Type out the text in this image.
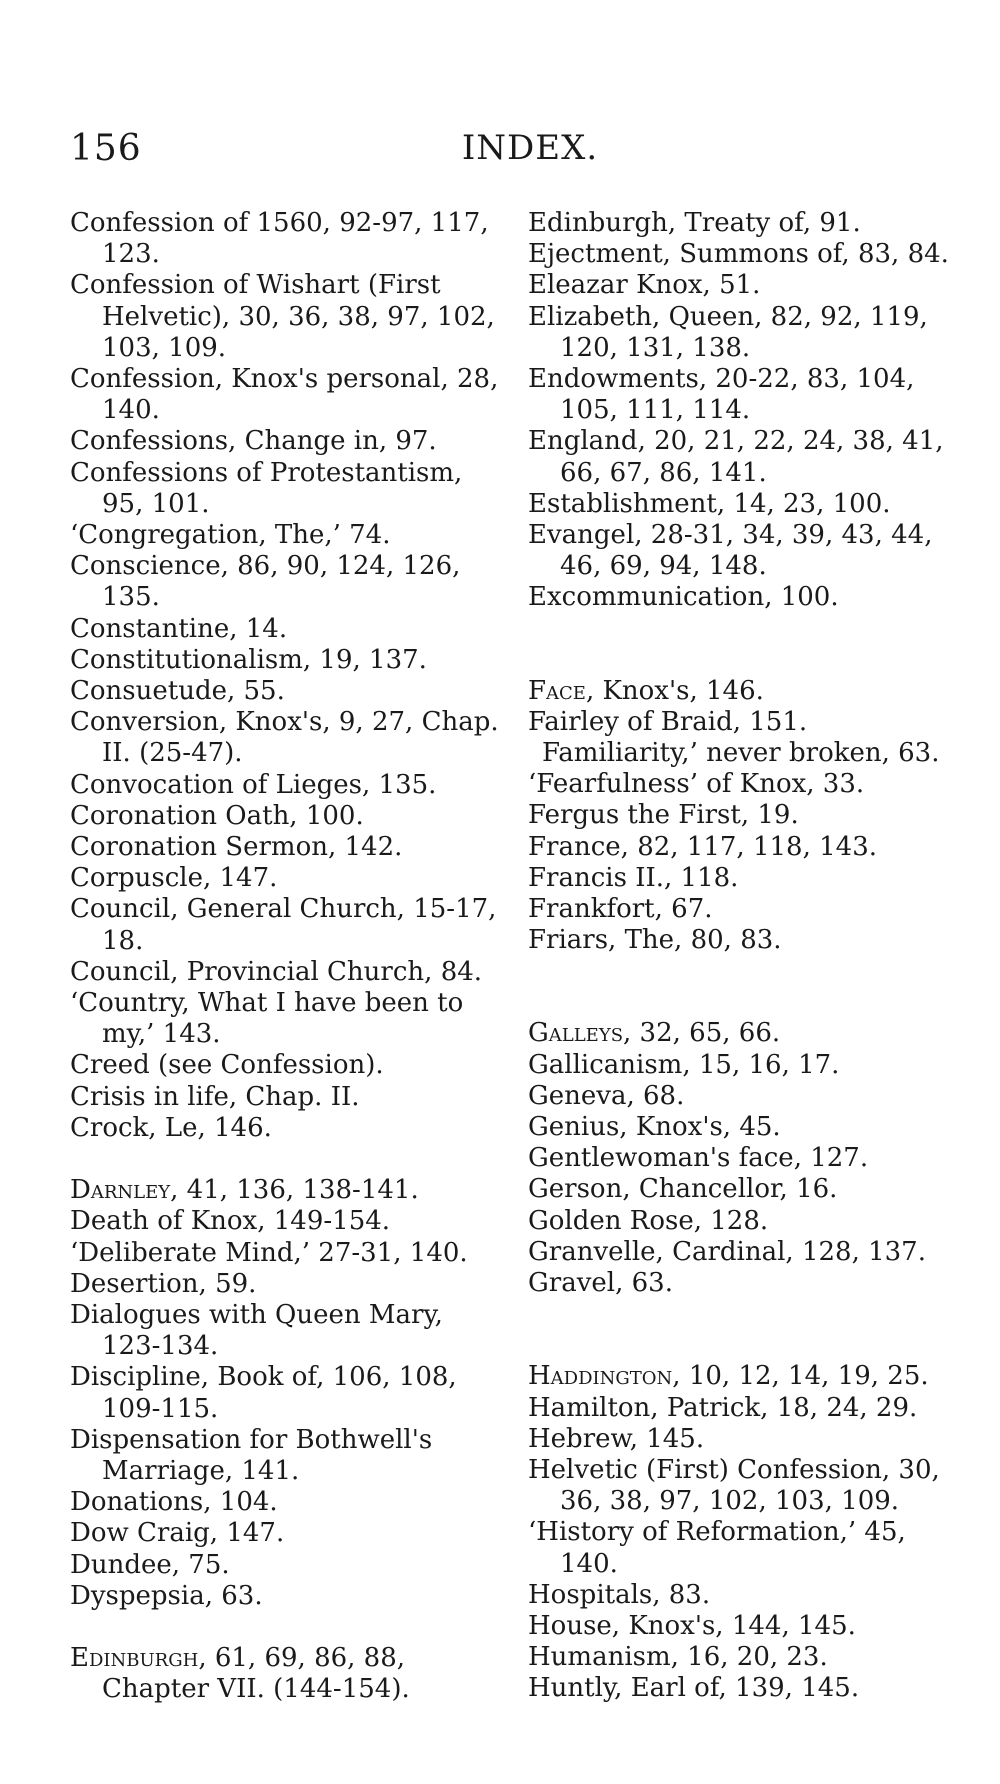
156	INDEX.

Confession of 1560, 92-97, 117, 123.

Confession of Wishart (First Helvetic), 30, 36, 38, 97, 102, 103, 109.

Confession, Knox's personal, 28, 140.

Confessions, Change in, 97.

Confessions of Protestantism, 95, 101.

‘Congregation, The,’ 74.

Conscience, 86, 90, 124, 126, 135.

Constantine, 14.

Constitutionalism, 19, 137.

Consuetude, 55.

Conversion, Knox's, 9, 27, Chap. II. (25-47).

Convocation of Lieges, 135.

Coronation Oath, 100.

Coronation Sermon, 142.

Corpuscle, 147.

Council, General Church, 15-17, 18.

Council, Provincial Church, 84.

‘Country, What I have been to my,’ 143.

Creed (see Confession).

Crisis in life, Chap. II.

Crock, Le, 146.

Darnley, 41, 136, 138-141.

Death of Knox, 149-154.

‘Deliberate Mind,’ 27-31, 140.

Desertion, 59.

Dialogues with Queen Mary, 123-134.

Discipline, Book of, 106, 108, 109-115.

Dispensation for Bothwell's Marriage, 141.

Donations, 104.

Dow Craig, 147.

Dundee, 75.

Dyspepsia, 63.

Edinburgh, 61, 69, 86, 88, Chapter VII. (144-154).

Edinburgh, Treaty of, 91.

Ejectment, Summons of, 83, 84.

Eleazar Knox, 51.

Elizabeth, Queen, 82, 92, 119, 120, 131, 138.

Endowments, 20-22, 83, 104, 105, 111, 114.

England, 20, 21, 22, 24, 38, 41, 66, 67, 86, 141.

Establishment, 14, 23, 100.

Evangel, 28-31, 34, 39, 43, 44, 46, 69, 94, 148.

Excommunication, 100.

Face, Knox's, 146.

Fairley of Braid, 151.

Familiarity,’ never broken, 63.

‘Fearfulness’ of Knox, 33.

Fergus the First, 19.

France, 82, 117, 118, 143.

Francis II., 118.

Frankfort, 67.

Friars, The, 80, 83.

Galleys, 32, 65, 66.

Gallicanism, 15, 16, 17.

Geneva, 68.

Genius, Knox's, 45.

Gentlewoman's face, 127.

Gerson, Chancellor, 16.

Golden Rose, 128.

Granvelle, Cardinal, 128, 137.

Gravel, 63.

Haddington, 10, 12, 14, 19, 25.

Hamilton, Patrick, 18, 24, 29.

Hebrew, 145.

Helvetic (First) Confession, 30, 36, 38, 97, 102, 103, 109.

‘History of Reformation,’ 45, 140.

Hospitals, 83.

House, Knox's, 144, 145.

Humanism, 16, 20, 23.

Huntly, Earl of, 139, 145.
